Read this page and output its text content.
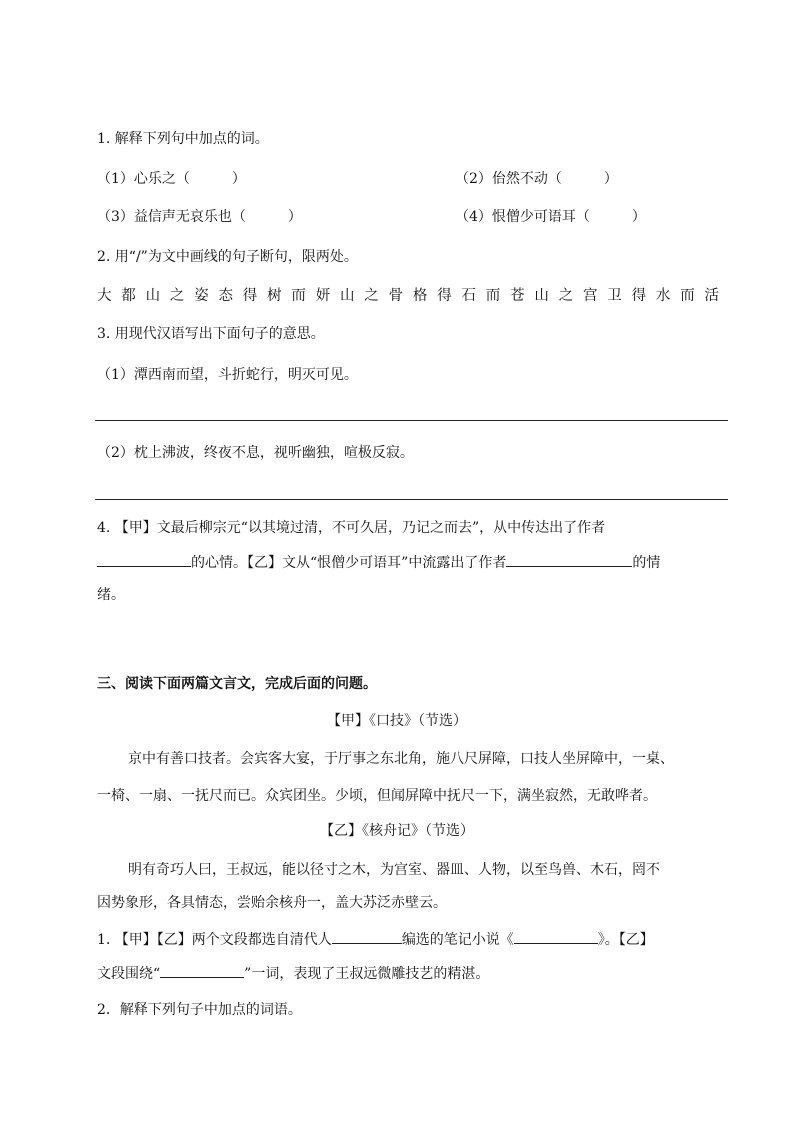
1. 解释下列句中加点的词。
（1）心乐之（　　　）	（2）佁然不动（　　　）
（3）益信声无哀乐也（　　　）	（4）恨僧少可语耳（　　　）
2. 用“/”为文中画线的句子断句，限两处。
大都山之姿态得树而妍山之骨格得石而苍山之宫卫得水而活
3. 用现代汉语写出下面句子的意思。
（1）潭西南而望，斗折蛇行，明灭可见。
（2）枕上沸波，终夜不息，视听幽独，喧极反寂。
4. 【甲】文最后柳宗元“以其境过清，不可久居，乃记之而去”，从中传达出了作者
的心情。【乙】文从“恨僧少可语耳”中流露出了作者	的情
绪。
三、阅读下面两篇文言文，完成后面的问题。
【甲】《口技》（节选）
京中有善口技者。会宾客大宴，于厅事之东北角，施八尺屏障，口技人坐屏障中，一桌、
一椅、一扇、一抚尺而已。众宾团坐。少顷，但闻屏障中抚尺一下，满坐寂然，无敢哗者。
【乙】《核舟记》（节选）
明有奇巧人曰，王叔远，能以径寸之木，为宫室、器皿、人物，以至鸟兽、木石，罔不
因势象形，各具情态，尝贻余核舟一，盖大苏泛赤壁云。
1. 【甲】【乙】两个文段都选自清代人	编选的笔记小说《	》。【乙】
文段围绕“	”一词，表现了王叔远微雕技艺的精湛。
2．解释下列句子中加点的词语。
